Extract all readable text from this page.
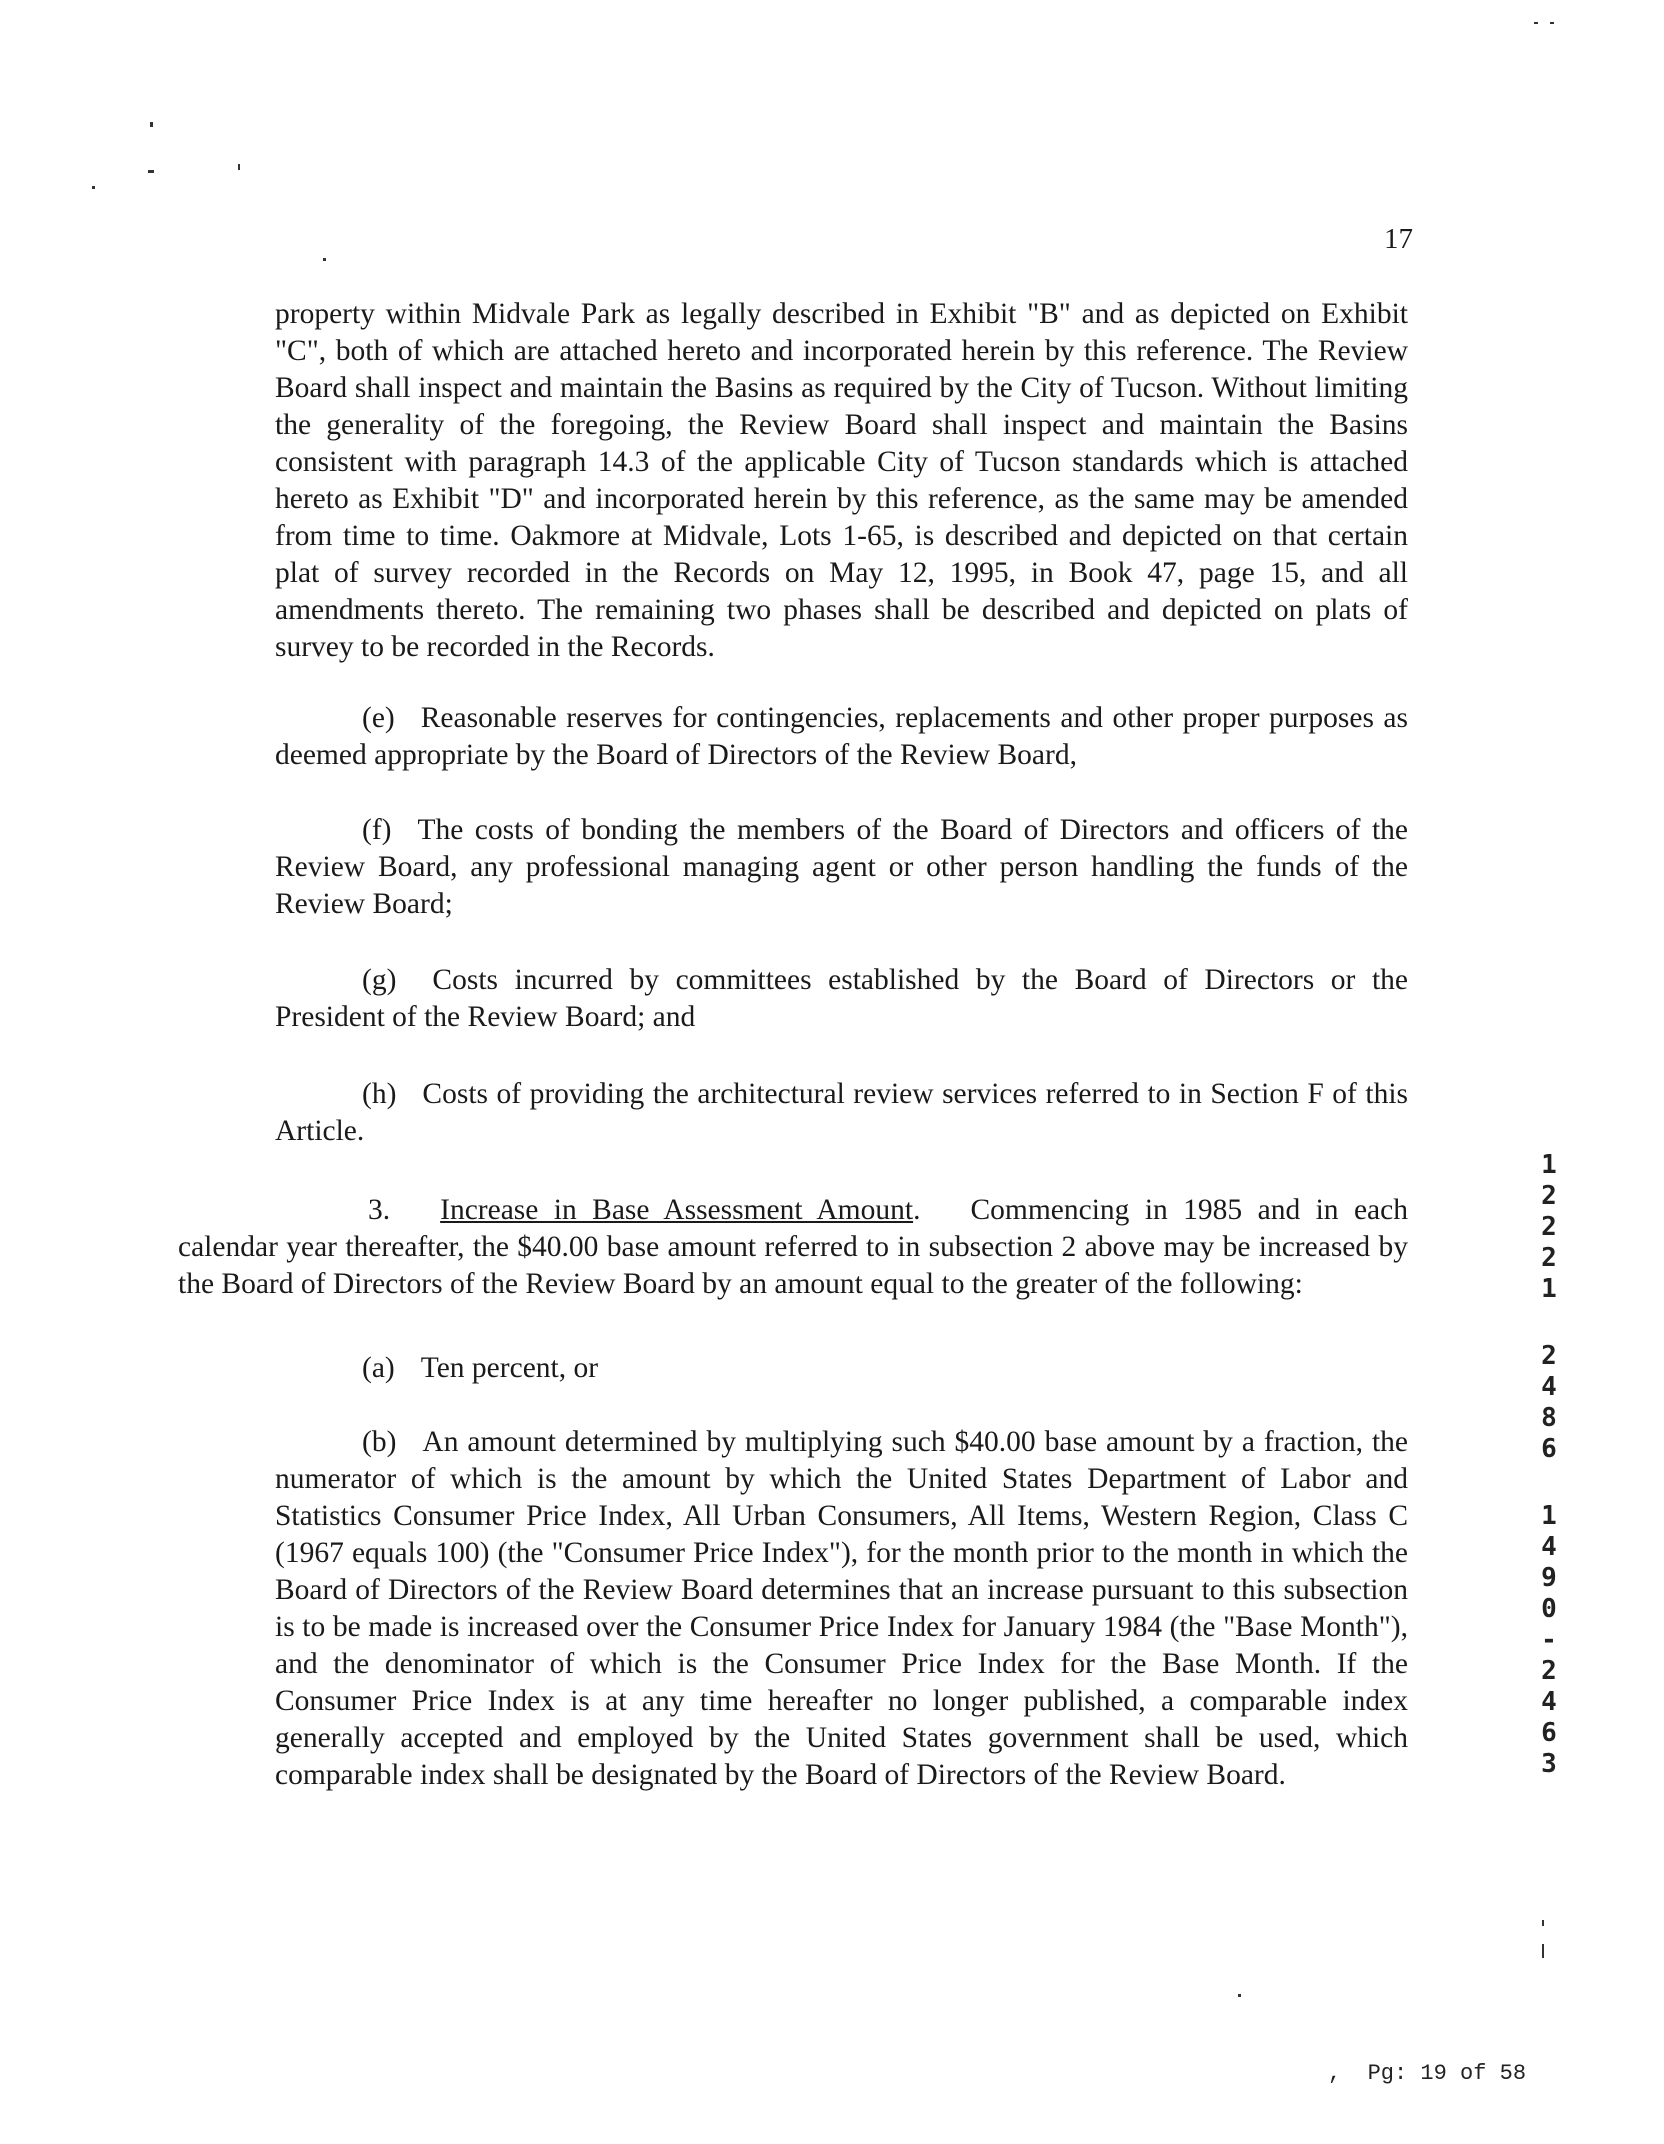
17

property within Midvale Park as legally described in Exhibit "B" and as depicted on Exhibit "C", both of which are attached hereto and incorporated herein by this reference. The Review Board shall inspect and maintain the Basins as required by the City of Tucson. Without limiting the generality of the foregoing, the Review Board shall inspect and maintain the Basins consistent with paragraph 14.3 of the applicable City of Tucson standards which is attached hereto as Exhibit "D" and incorporated herein by this reference, as the same may be amended from time to time. Oakmore at Midvale, Lots 1-65, is described and depicted on that certain plat of survey recorded in the Records on May 12, 1995, in Book 47, page 15, and all amendments thereto. The remaining two phases shall be described and depicted on plats of survey to be recorded in the Records.

(e) Reasonable reserves for contingencies, replacements and other proper purposes as deemed appropriate by the Board of Directors of the Review Board,

(f) The costs of bonding the members of the Board of Directors and officers of the Review Board, any professional managing agent or other person handling the funds of the Review Board;

(g) Costs incurred by committees established by the Board of Directors or the President of the Review Board; and

(h) Costs of providing the architectural review services referred to in Section F of this Article.

3. Increase in Base Assessment Amount. Commencing in 1985 and in each calendar year thereafter, the $40.00 base amount referred to in subsection 2 above may be increased by the Board of Directors of the Review Board by an amount equal to the greater of the following:

(a) Ten percent, or

(b) An amount determined by multiplying such $40.00 base amount by a fraction, the numerator of which is the amount by which the United States Department of Labor and Statistics Consumer Price Index, All Urban Consumers, All Items, Western Region, Class C (1967 equals 100) (the "Consumer Price Index"), for the month prior to the month in which the Board of Directors of the Review Board determines that an increase pursuant to this subsection is to be made is increased over the Consumer Price Index for January 1984 (the "Base Month"), and the denominator of which is the Consumer Price Index for the Base Month. If the Consumer Price Index is at any time hereafter no longer published, a comparable index generally accepted and employed by the United States government shall be used, which comparable index shall be designated by the Board of Directors of the Review Board.

1
2
2
2
1
2
4
8
6
1
4
9
0
-
2
4
6
3
, Pg: 19 of 58
